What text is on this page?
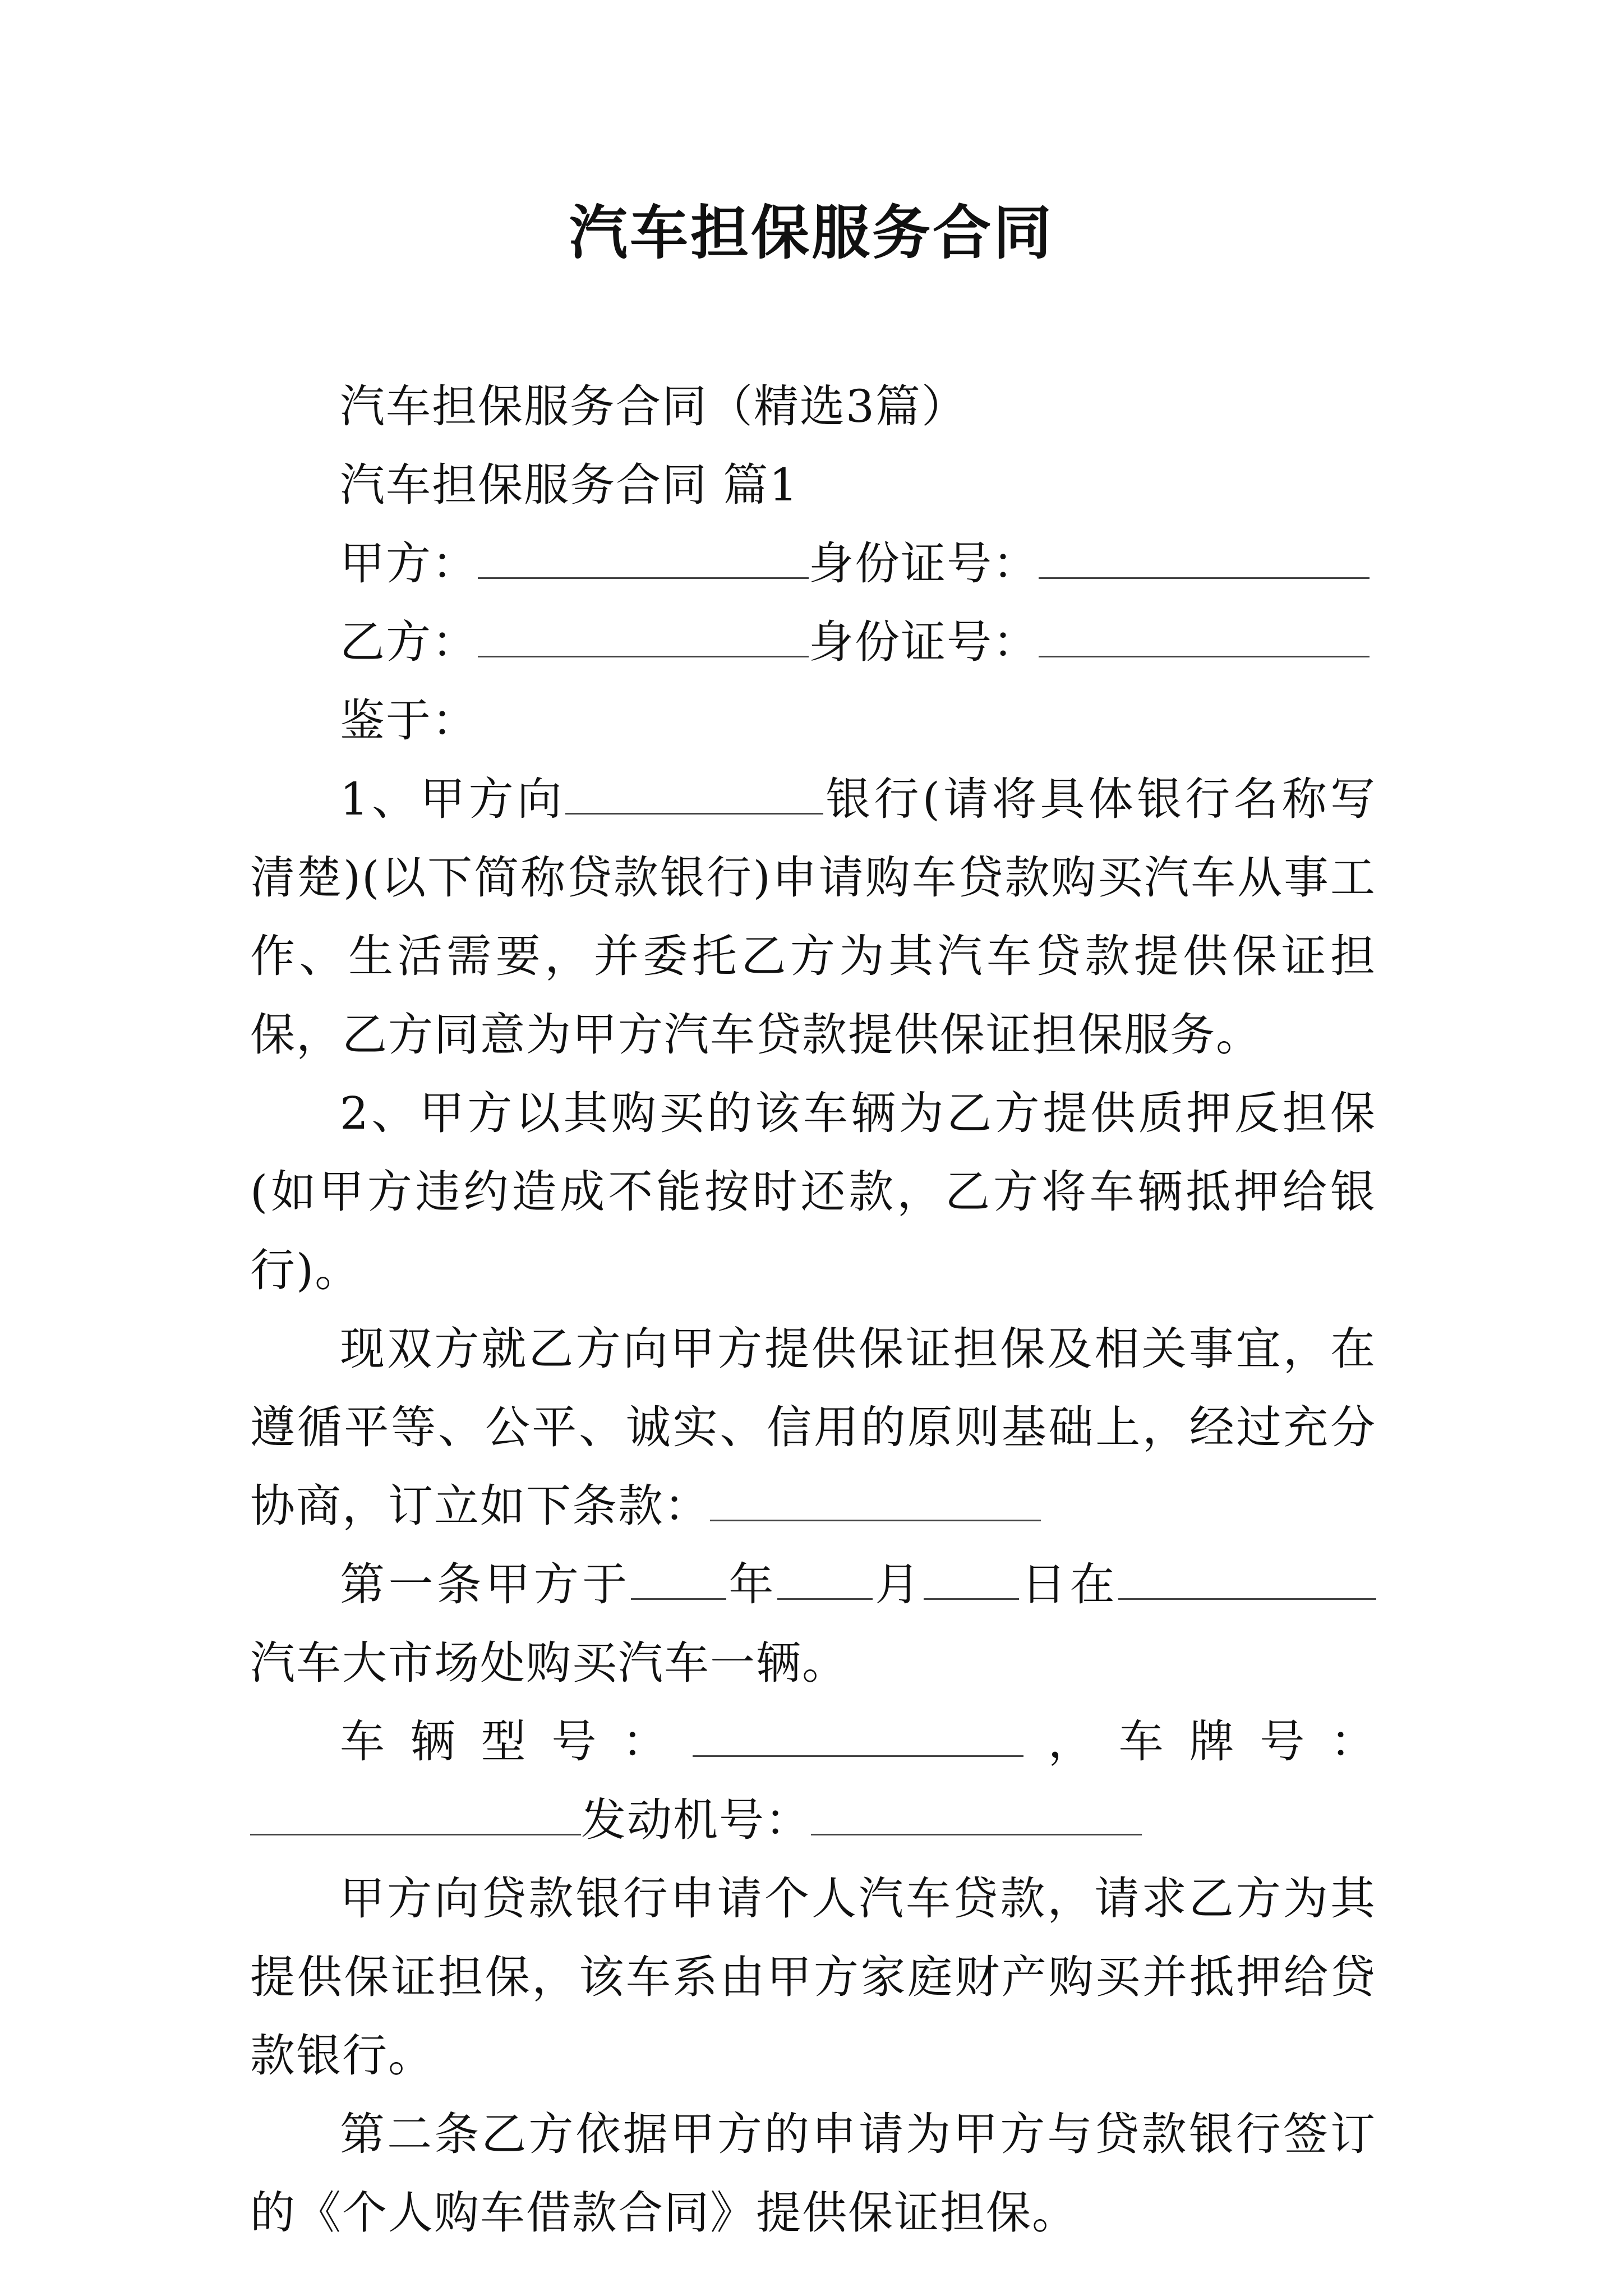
汽车担保服务合同

汽车担保服务合同（精选3篇）

汽车担保服务合同 篇1

甲方：	身份证号：

乙方：	身份证号：

鉴于：

1、甲方向	银行(请将具体银行名称写清楚)(以下简称贷款银行)申请购车贷款购买汽车从事工作、生活需要，并委托乙方为其汽车贷款提供保证担保，乙方同意为甲方汽车贷款提供保证担保服务。

2、甲方以其购买的该车辆为乙方提供质押反担保(如甲方违约造成不能按时还款，乙方将车辆抵押给银行)。

现双方就乙方向甲方提供保证担保及相关事宜，在遵循平等、公平、诚实、信用的原则基础上，经过充分协商，订立如下条款：

第一条甲方于 年 月 日在汽车大市场处购买汽车一辆。

车辆型号：	，车牌号：发动机号：

甲方向贷款银行申请个人汽车贷款，请求乙方为其提供保证担保，该车系由甲方家庭财产购买并抵押给贷款银行。

第二条乙方依据甲方的申请为甲方与贷款银行签订的《个人购车借款合同》提供保证担保。
